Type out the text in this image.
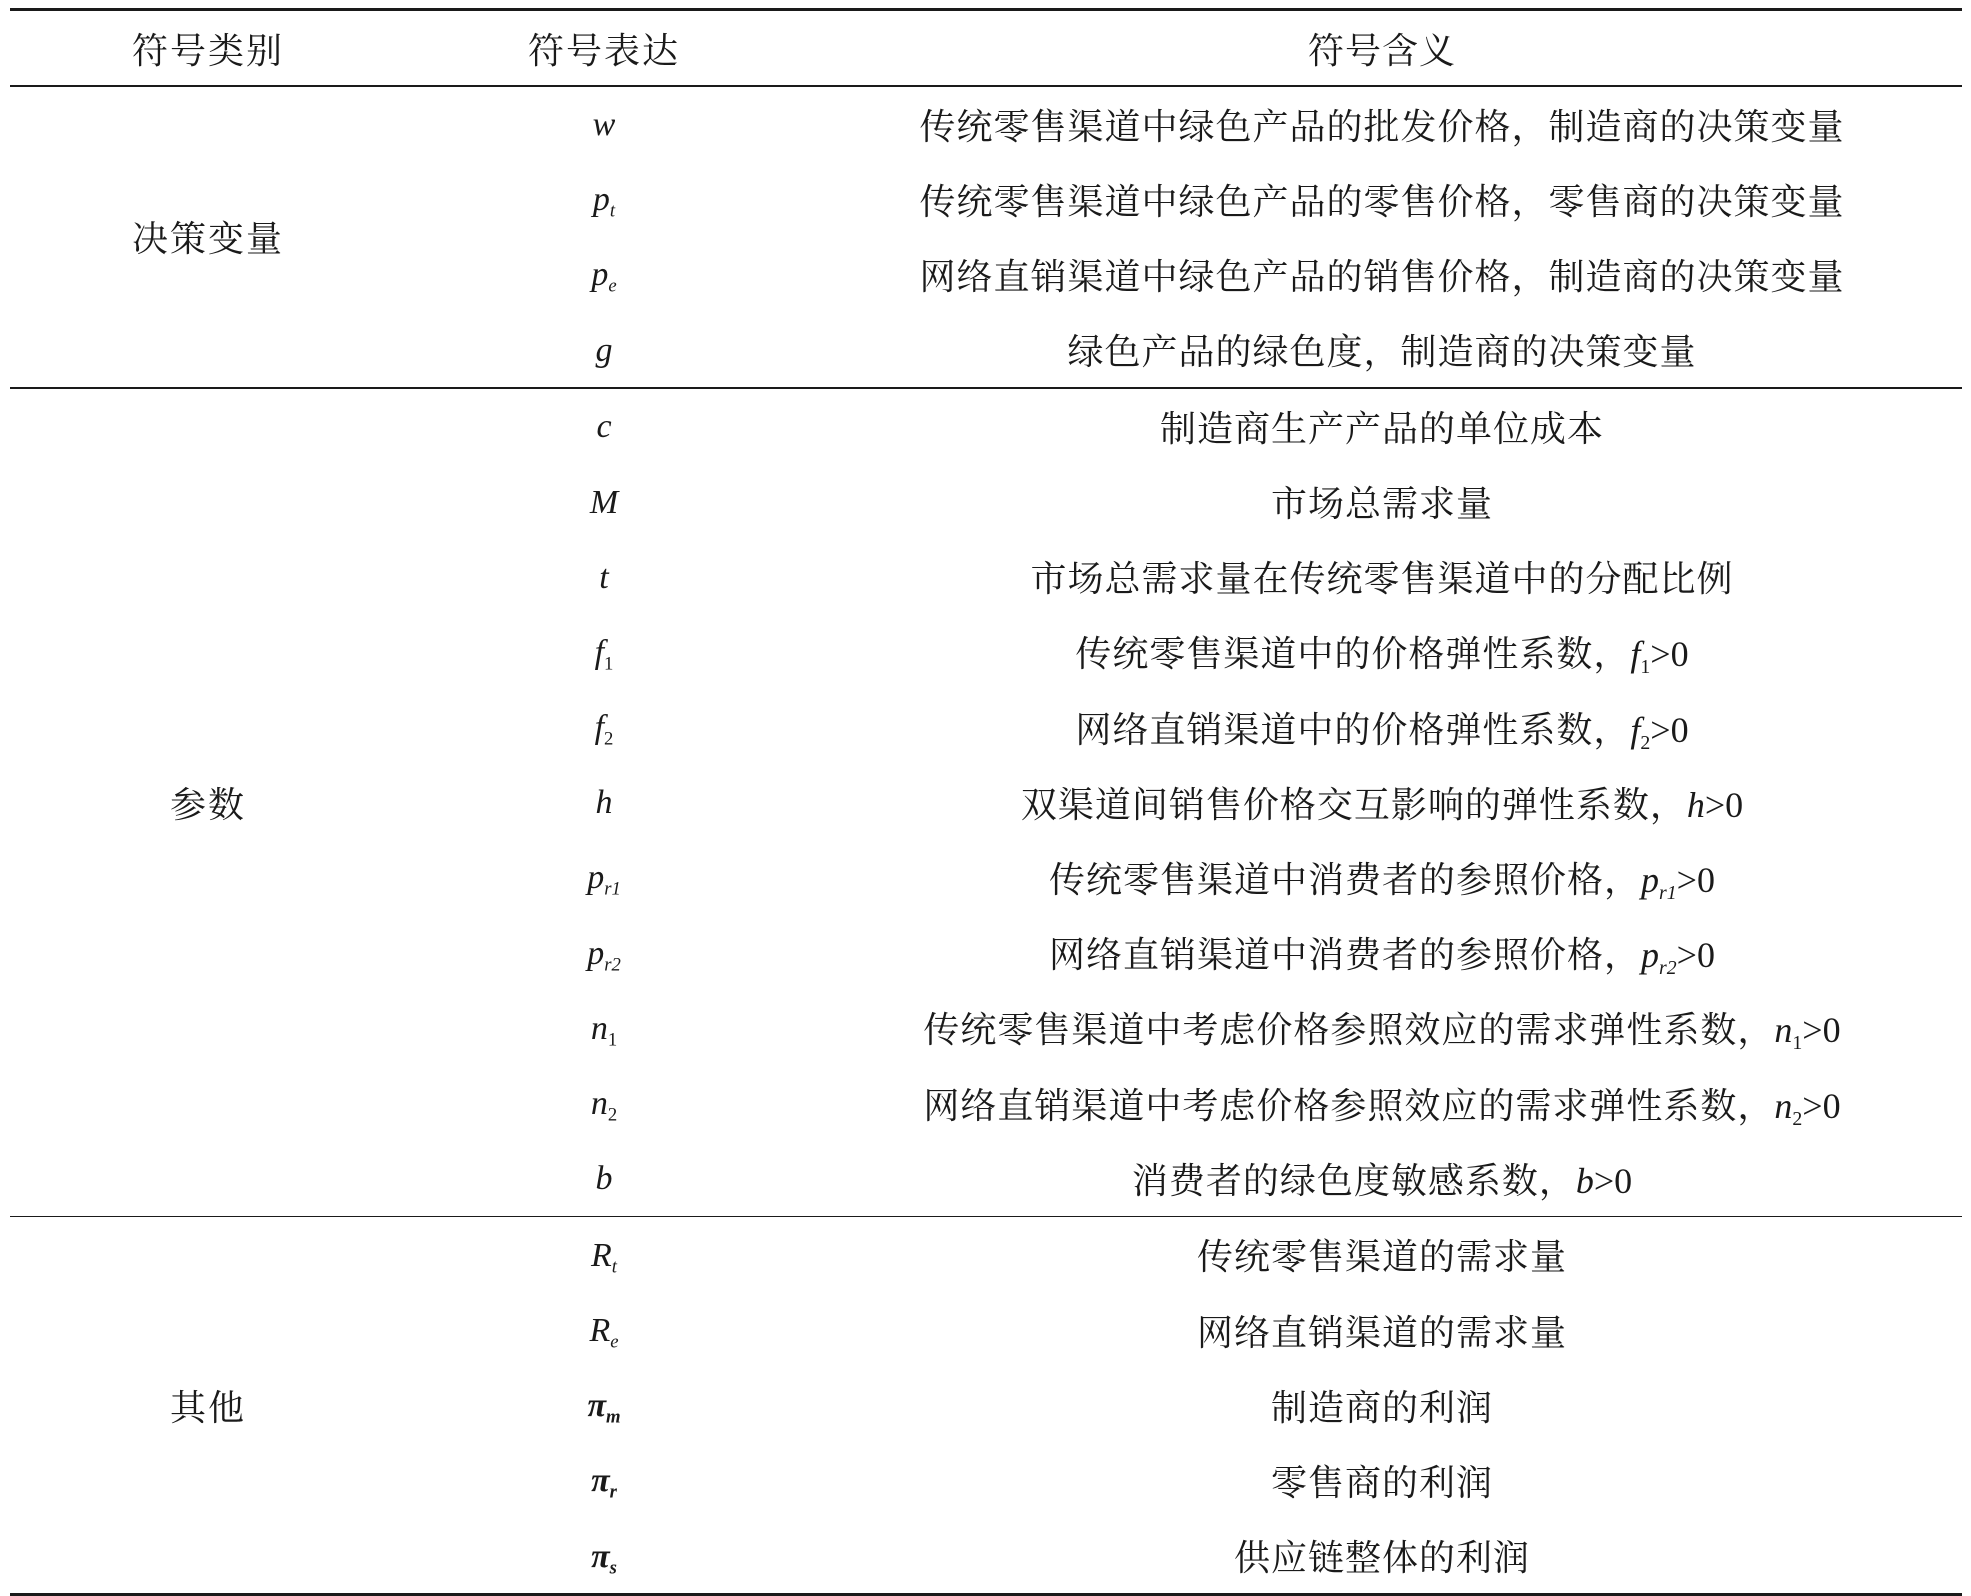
符号类别	符号表达	符号含义
决策变量
w	传统零售渠道中绿色产品的批发价格，制造商的决策变量
$p_t$	传统零售渠道中绿色产品的零售价格，零售商的决策变量
$p_e$	网络直销渠道中绿色产品的销售价格，制造商的决策变量
g	绿色产品的绿色度，制造商的决策变量
参数
c	制造商生产产品的单位成本
M	市场总需求量
t	市场总需求量在传统零售渠道中的分配比例
$f_1$	传统零售渠道中的价格弹性系数，$f_1>0$
$f_2$	网络直销渠道中的价格弹性系数，$f_2>0$
h	双渠道间销售价格交互影响的弹性系数，h>0
$p_{r1}$	传统零售渠道中消费者的参照价格，$p_{r1}>0$
$p_{r2}$	网络直销渠道中消费者的参照价格，$p_{r2}>0$
$n_1$	传统零售渠道中考虑价格参照效应的需求弹性系数，$n_1>0$
$n_2$	网络直销渠道中考虑价格参照效应的需求弹性系数，$n_2>0$
b	消费者的绿色度敏感系数，b>0
其他
$R_t$	传统零售渠道的需求量
$R_e$	网络直销渠道的需求量
$\pi_m$	制造商的利润
$\pi_r$	零售商的利润
$\pi_s$	供应链整体的利润
